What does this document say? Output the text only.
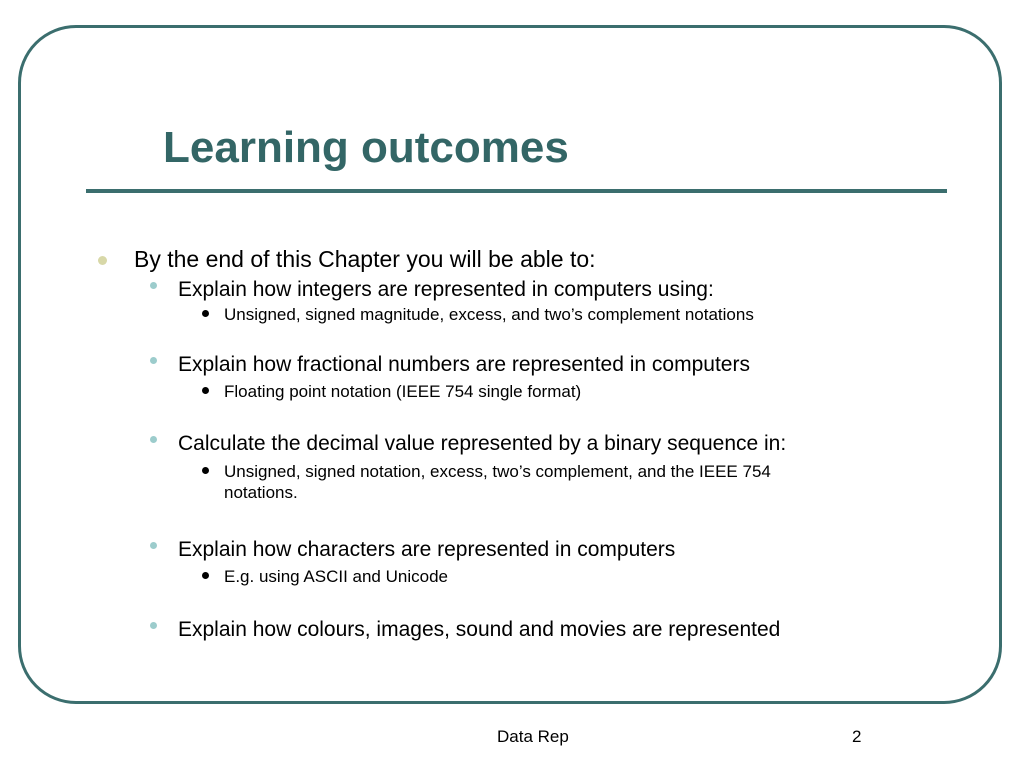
Learning outcomes
By the end of this Chapter you will be able to:
Explain how integers are represented in computers using:
Unsigned, signed magnitude, excess, and two’s complement notations
Explain how fractional numbers are represented in computers
Floating point notation (IEEE 754 single format)
Calculate the decimal value represented by a binary sequence in:
Unsigned, signed notation, excess, two’s complement, and the IEEE 754
notations.
Explain how characters are represented in computers
E.g. using ASCII and Unicode
Explain how colours, images, sound and movies are represented
Data Rep	2
